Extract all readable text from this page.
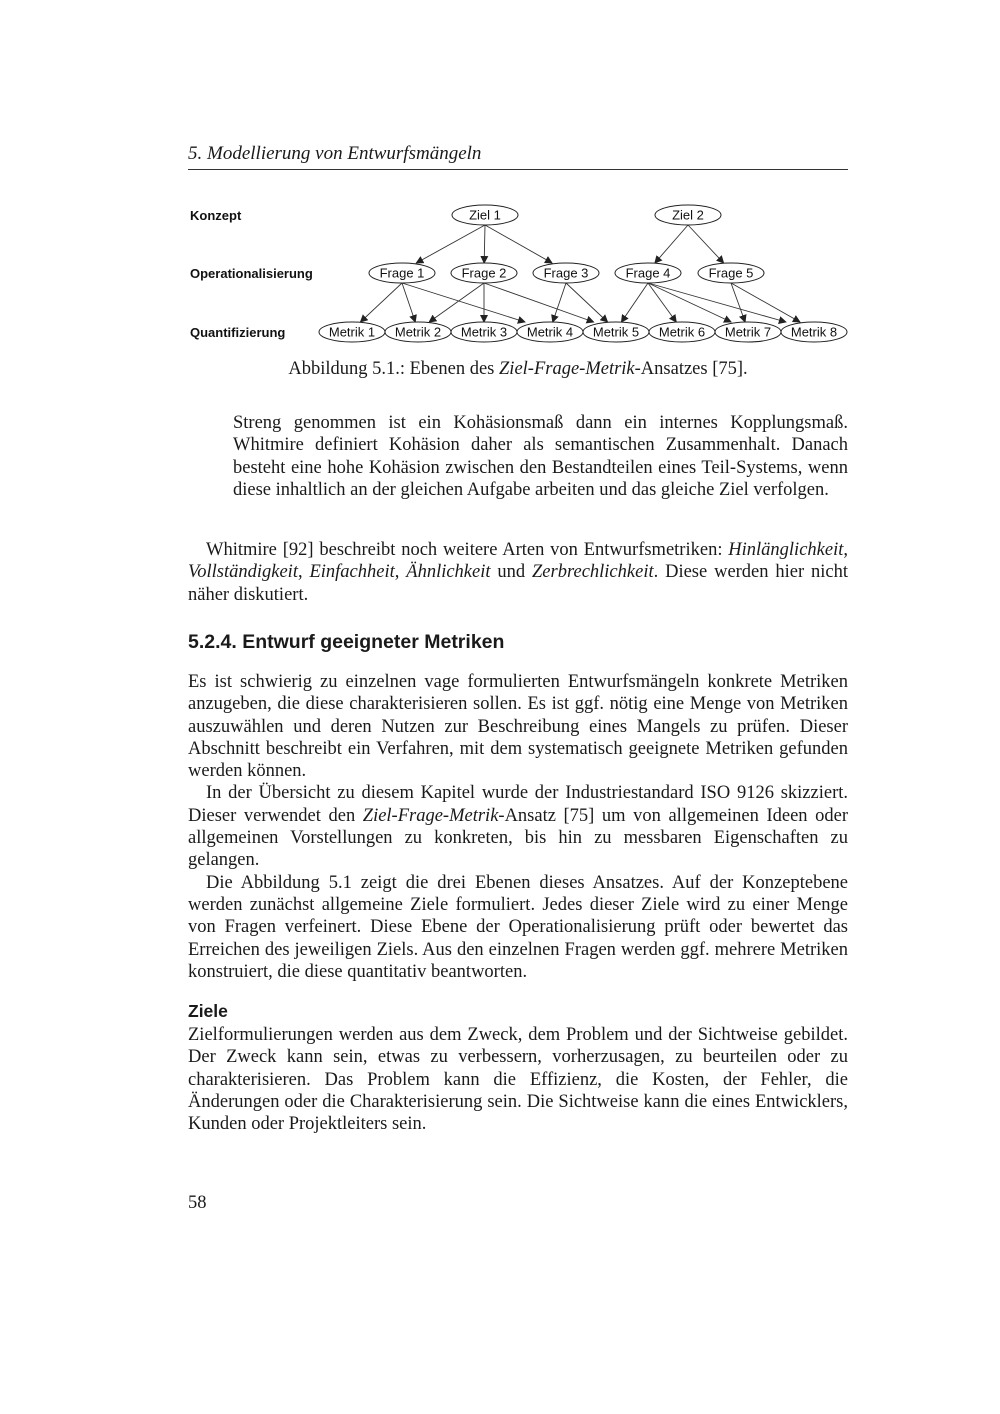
5. Modellierung von Entwurfsmängeln
Konzept
Operationalisierung
Quantifizierung
Ziel 1	Ziel 2
Frage 1	Frage 2	Frage 3	Frage 4	Frage 5
Metrik 1 Metrik 2 Metrik 3 Metrik 4 Metrik 5 Metrik 6 Metrik 7 Metrik 8
Abbildung 5.1.: Ebenen des Ziel-Frage-Metrik-Ansatzes [75].

Streng genommen ist ein Kohäsionsmaß dann ein internes Kopplungsmaß. Whitmire definiert Kohäsion daher als semantischen Zusammenhalt. Danach besteht eine hohe Kohäsion zwischen den Bestandteilen eines Teil-Systems, wenn diese inhaltlich an der gleichen Aufgabe arbeiten und das gleiche Ziel verfolgen.

Whitmire [92] beschreibt noch weitere Arten von Entwurfsmetriken: Hinlänglichkeit, Vollständigkeit, Einfachheit, Ähnlichkeit und Zerbrechlichkeit. Diese werden hier nicht näher diskutiert.

5.2.4. Entwurf geeigneter Metriken

Es ist schwierig zu einzelnen vage formulierten Entwurfsmängeln konkrete Metriken anzugeben, die diese charakterisieren sollen. Es ist ggf. nötig eine Menge von Metriken auszuwählen und deren Nutzen zur Beschreibung eines Mangels zu prüfen. Dieser Abschnitt beschreibt ein Verfahren, mit dem systematisch geeignete Metriken gefunden werden können.

In der Übersicht zu diesem Kapitel wurde der Industriestandard ISO 9126 skizziert. Dieser verwendet den Ziel-Frage-Metrik-Ansatz [75] um von allgemeinen Ideen oder allgemeinen Vorstellungen zu konkreten, bis hin zu messbaren Eigenschaften zu gelangen.

Die Abbildung 5.1 zeigt die drei Ebenen dieses Ansatzes. Auf der Konzeptebene werden zunächst allgemeine Ziele formuliert. Jedes dieser Ziele wird zu einer Menge von Fragen verfeinert. Diese Ebene der Operationalisierung prüft oder bewertet das Erreichen des jeweiligen Ziels. Aus den einzelnen Fragen werden ggf. mehrere Metriken konstruiert, die diese quantitativ beantworten.

Ziele

Zielformulierungen werden aus dem Zweck, dem Problem und der Sichtweise gebildet. Der Zweck kann sein, etwas zu verbessern, vorherzusagen, zu beurteilen oder zu charakterisieren. Das Problem kann die Effizienz, die Kosten, der Fehler, die Änderungen oder die Charakterisierung sein. Die Sichtweise kann die eines Entwicklers, Kunden oder Projektleiters sein.

58
